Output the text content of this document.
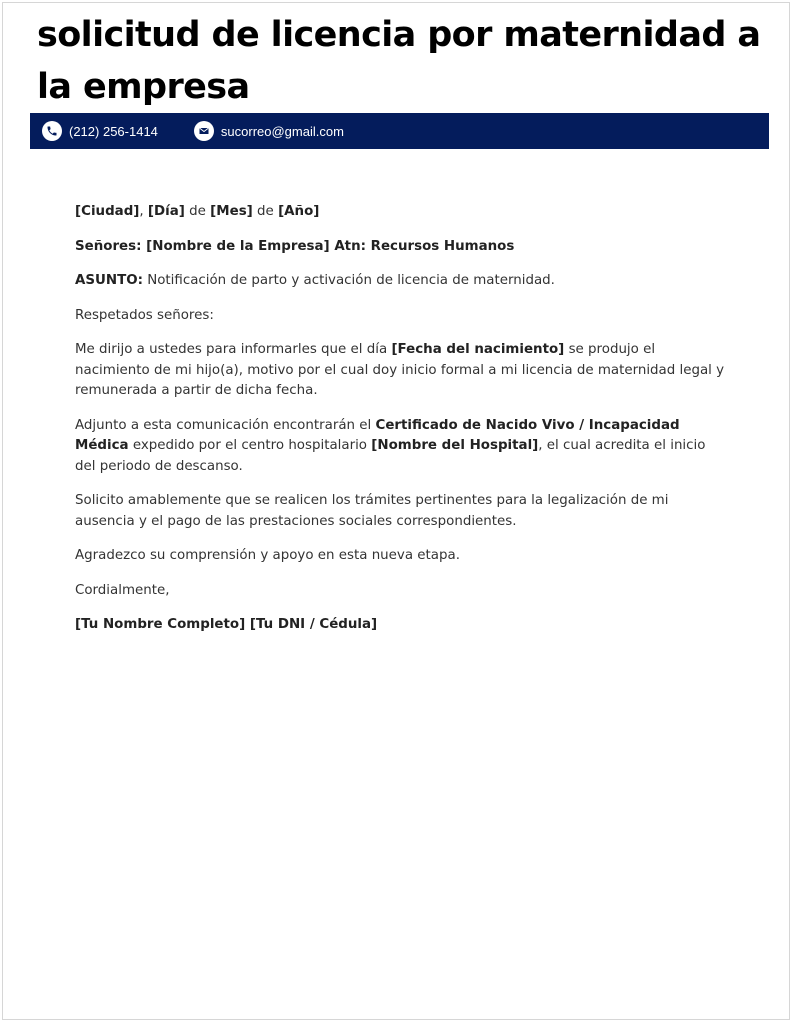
solicitud de licencia por maternidad a la empresa
(212) 256-1414	sucorreo@gmail.com

[Ciudad], [Día] de [Mes] de [Año]

Señores: [Nombre de la Empresa] Atn: Recursos Humanos

ASUNTO: Notificación de parto y activación de licencia de maternidad.

Respetados señores:

Me dirijo a ustedes para informarles que el día [Fecha del nacimiento] se produjo el nacimiento de mi hijo(a), motivo por el cual doy inicio formal a mi licencia de maternidad legal y remunerada a partir de dicha fecha.

Adjunto a esta comunicación encontrarán el Certificado de Nacido Vivo / Incapacidad Médica expedido por el centro hospitalario [Nombre del Hospital], el cual acredita el inicio del periodo de descanso.

Solicito amablemente que se realicen los trámites pertinentes para la legalización de mi ausencia y el pago de las prestaciones sociales correspondientes.

Agradezco su comprensión y apoyo en esta nueva etapa.

Cordialmente,

[Tu Nombre Completo] [Tu DNI / Cédula]
